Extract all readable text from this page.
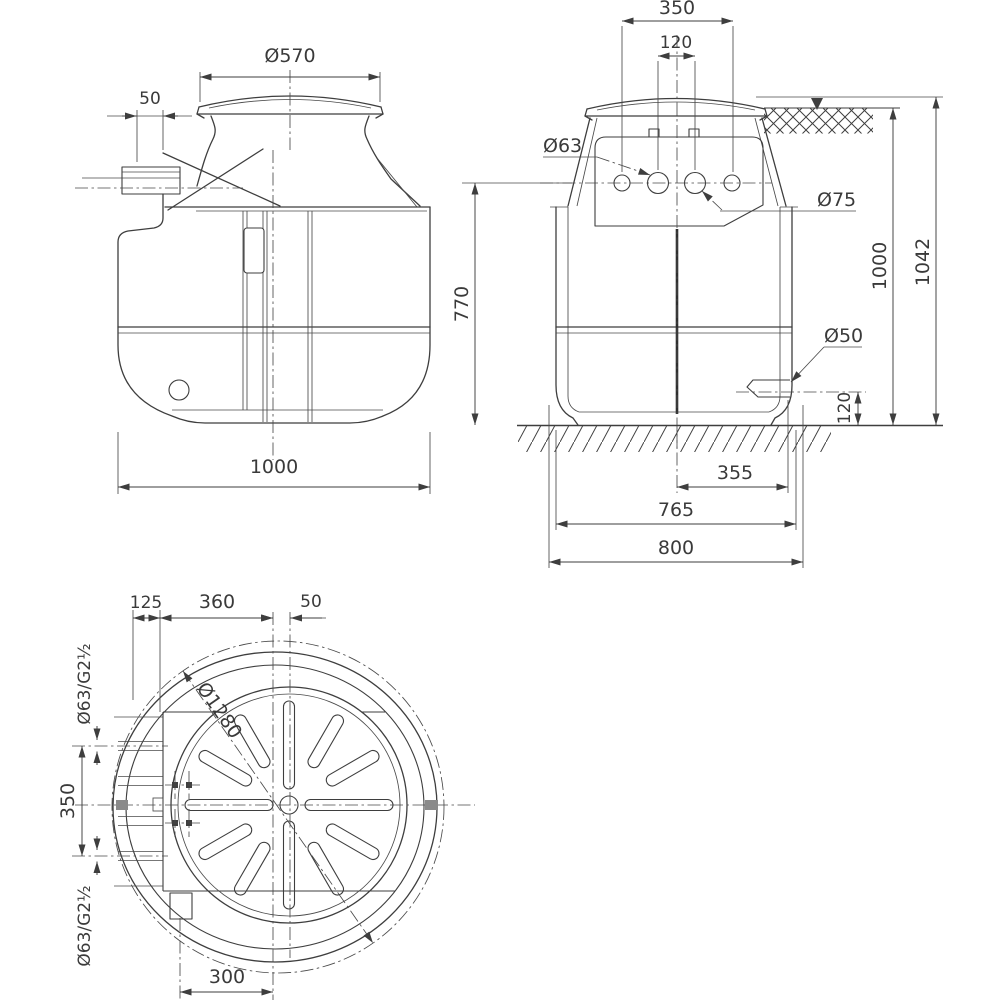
Ø570
50
1000
350
120
Ø63
Ø75
Ø50
770
1000 1042
120
355
765
800
125 360	50
Ø63/G2½
350
Ø63/G2½
Ø1280
300
